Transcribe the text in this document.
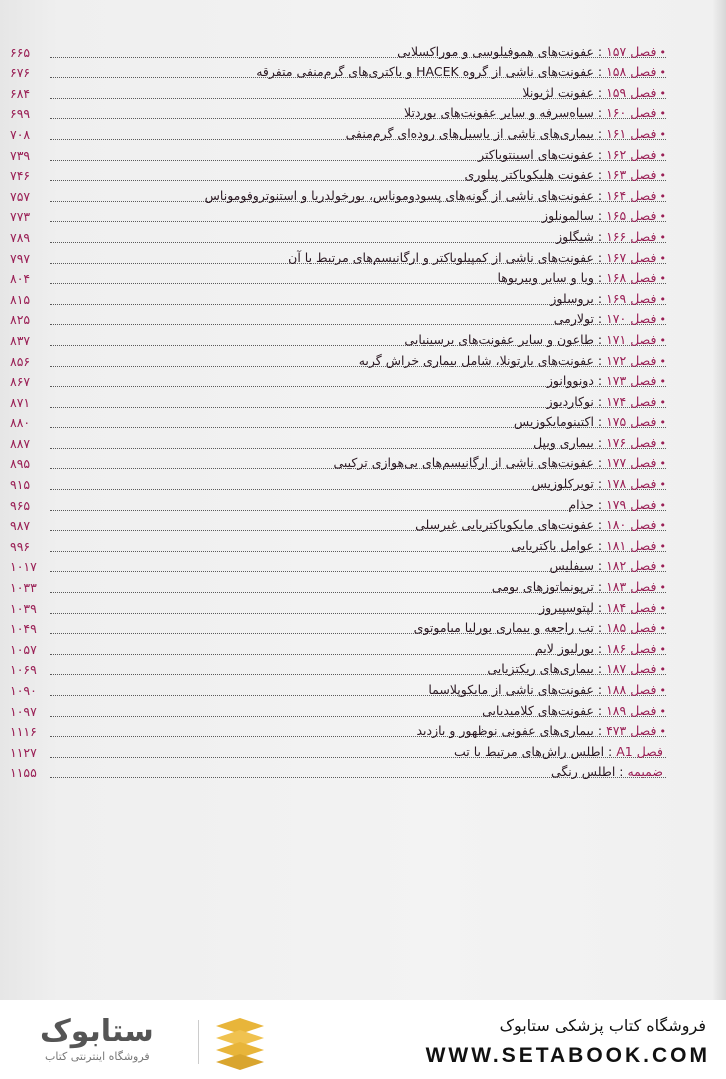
•فصل ۱۵۷ : عفونت‌های هموفیلوسی و موراکسلایی
۶۶۵
•فصل ۱۵۸ : عفونت‌های ناشی از گروه HACEK و باکتری‌های گرم‌منفی متفرقه
۶۷۶
•فصل ۱۵۹ : عفونت لژیونلا
۶۸۴
•فصل ۱۶۰ : سیاه‌سرفه و سایر عفونت‌های بوردتلا
۶۹۹
•فصل ۱۶۱ : بیماری‌های ناشی از باسیل‌های روده‌ای گرم‌منفی
۷۰۸
•فصل ۱۶۲ : عفونت‌های اسینتوباکتر
۷۳۹
•فصل ۱۶۳ : عفونت هلیکوباکتر پیلوری
۷۴۶
•فصل ۱۶۴ : عفونت‌های ناشی از گونه‌های پسودوموناس، بورخولدریا و استنوتروفوموناس
۷۵۷
•فصل ۱۶۵ : سالمونلوز
۷۷۳
•فصل ۱۶۶ : شیگلوز
۷۸۹
•فصل ۱۶۷ : عفونت‌های ناشی از کمپیلوباکتر و ارگانیسم‌های مرتبط با آن
۷۹۷
•فصل ۱۶۸ : وبا و سایر ویبریوها
۸۰۴
•فصل ۱۶۹ : بروسلوز
۸۱۵
•فصل ۱۷۰ : تولارمی
۸۲۵
•فصل ۱۷۱ : طاعون و سایر عفونت‌های یرسینیایی
۸۳۷
•فصل ۱۷۲ : عفونت‌های بارتونلا، شامل بیماری خراش گربه
۸۵۶
•فصل ۱۷۳ : دونووانوز
۸۶۷
•فصل ۱۷۴ : نوکاردیوز
۸۷۱
•فصل ۱۷۵ : اکتینومایکوزیس
۸۸۰
•فصل ۱۷۶ : بیماری ویپل
۸۸۷
•فصل ۱۷۷ : عفونت‌های ناشی از ارگانیسم‌های بی‌هوازی ترکیبی
۸۹۵
•فصل ۱۷۸ : توبرکلوزیس
۹۱۵
•فصل ۱۷۹ : جذام
۹۶۵
•فصل ۱۸۰ : عفونت‌های مایکوباکتریایی غیرسلی
۹۸۷
•فصل ۱۸۱ : عوامل باکتریایی
۹۹۶
•فصل ۱۸۲ : سیفلیس
۱۰۱۷
•فصل ۱۸۳ : ترپونماتوزهای بومی
۱۰۳۳
•فصل ۱۸۴ : لپتوسپیروز
۱۰۳۹
•فصل ۱۸۵ : تب راجعه و بیماری بورلیا میاموتوی
۱۰۴۹
•فصل ۱۸۶ : بورلیوز لایم
۱۰۵۷
•فصل ۱۸۷ : بیماری‌های ریکتزیایی
۱۰۶۹
•فصل ۱۸۸ : عفونت‌های ناشی از مایکوپلاسما
۱۰۹۰
•فصل ۱۸۹ : عفونت‌های کلامیدیایی
۱۰۹۷
•فصل ۴۷۳ : بیماری‌های عفونی نوظهور و بازدید
۱۱۱۶
فصل A1 : اطلس راش‌های مرتبط با تب
۱۱۲۷
ضمیمه : اطلس رنگی
۱۱۵۵
فروشگاه کتاب پزشکی ستابوک
WWW.SETABOOK.COM
ستابوک
فروشگاه اینترنتی کتاب
